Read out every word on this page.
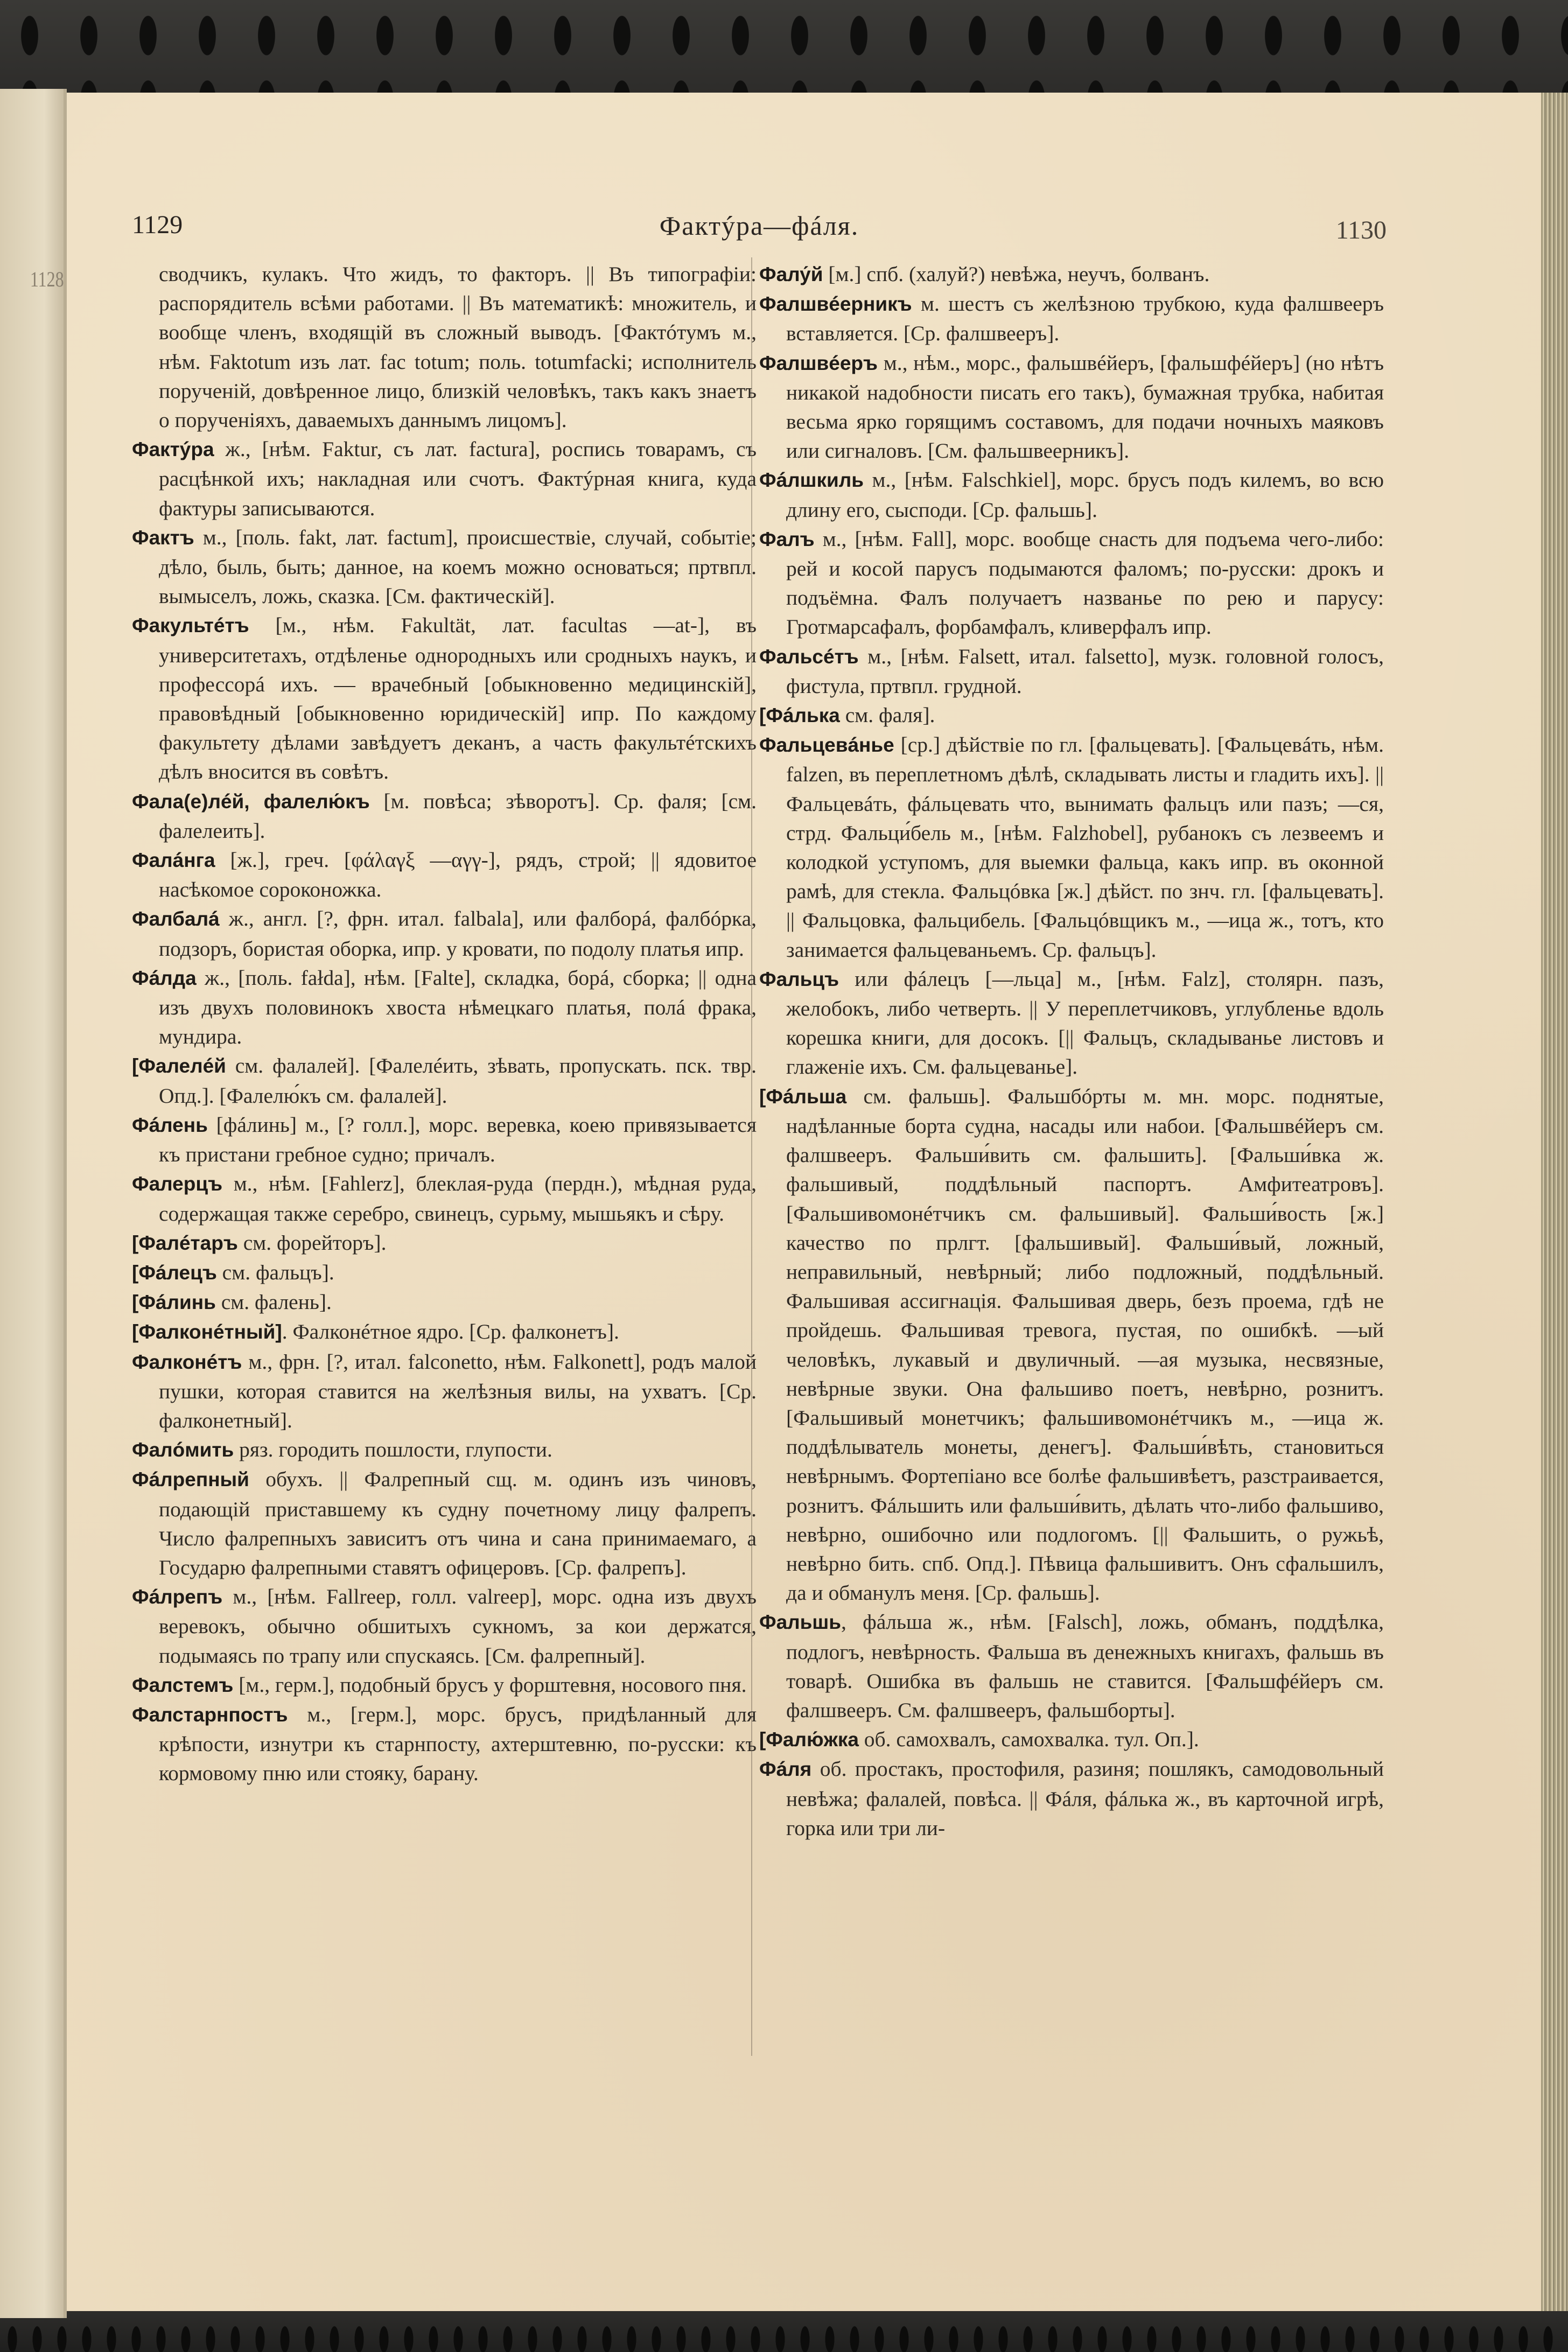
1128
1129	Фактýра—фáля.	1130

сводчикъ, кулакъ. Что жидъ, то факторъ. || Въ типографіи: распорядитель всѣми работами. || Въ математикѣ: множитель, и вообще членъ, входящій въ сложный выводъ. [Фактóтумъ м., нѣм. Faktotum изъ лат. fac totum; поль. totumfacki; исполнитель порученій, довѣренное лицо, близкій человѣкъ, такъ какъ знаетъ о порученіяхъ, даваемыхъ даннымъ лицомъ].

Фактýра ж., [нѣм. Faktur, съ лат. factura], роспись товарамъ, съ расцѣнкой ихъ; накладная или счотъ. Фактýрная книга, куда фактуры записываются.

Фактъ м., [поль. fakt, лат. factum], происшествіе, случай, событіе; дѣло, быль, быть; данное, на коемъ можно основаться; пртвпл. вымыселъ, ложь, сказка. [См. фактическій].

Факультéтъ [м., нѣм. Fakultät, лат. facultas —at-], въ университетахъ, отдѣленье однородныхъ или сродныхъ наукъ, и профессорá ихъ. — врачебный [обыкновенно медицинскій], правовѣдный [обыкновенно юридическій] ипр. По каждому факультету дѣлами завѣдуетъ деканъ, а часть факультéтскихъ дѣлъ вносится въ совѣтъ.

Фала(е)лéй, фалелю́къ [м. повѣса; зѣворотъ]. Ср. фаля; [см. фалелеить].

Фалáнга [ж.], греч. [φάλαγξ —αγγ-], рядъ, строй; || ядовитое насѣкомое сороконожка.

Фалбалá ж., англ. [?, фрн. итал. falbala], или фалборá, фалбóрка, подзоръ, бористая оборка, ипр. у кровати, по подолу платья ипр.

Фáлда ж., [поль. fałda], нѣм. [Falte], складка, борá, сборка; || одна изъ двухъ половинокъ хвоста нѣмецкаго платья, полá фрака, мундира.

[Фалелéй см. фалалей]. [Фалелéить, зѣвать, пропускать. пск. твр. Опд.]. [Фалелю́къ см. фалалей].

Фáлень [фáлинь] м., [? голл.], морс. веревка, коею привязывается къ пристани гребное судно; причалъ.

Фалерцъ м., нѣм. [Fahlerz], блеклая-руда (пердн.), мѣдная руда, содержащая также серебро, свинецъ, сурьму, мышьякъ и сѣру.

[Фалéтаръ см. форейторъ].

[Фáлецъ см. фальцъ].

[Фáлинь см. фалень].

[Фалконéтный]. Фалконéтное ядро. [Ср. фалконетъ].

Фалконéтъ м., фрн. [?, итал. falconetto, нѣм. Falkonett], родъ малой пушки, которая ставится на желѣзныя вилы, на ухватъ. [Ср. фалконетный].

Фалóмить ряз. городить пошлости, глупости.

Фáлрепный обухъ. || Фалрепный сщ. м. одинъ изъ чиновъ, подающій приставшему къ судну почетному лицу фалрепъ. Число фалрепныхъ зависитъ отъ чина и сана принимаемаго, а Государю фалрепными ставятъ офицеровъ. [Ср. фалрепъ].

Фáлрепъ м., [нѣм. Fallreep, голл. valreep], морс. одна изъ двухъ веревокъ, обычно обшитыхъ сукномъ, за кои держатся, подымаясь по трапу или спускаясь. [См. фалрепный].

Фалстемъ [м., герм.], подобный брусъ у форштевня, носового пня.

Фалстарнпостъ м., [герм.], морс. брусъ, придѣланный для крѣпости, изнутри къ старнпосту, ахтерштевню, по-русски: къ кормовому пню или стояку, барану.

Фалу́й [м.] спб. (халуй?) невѣжа, неучъ, болванъ.

Фалшвéерникъ м. шестъ съ желѣзною трубкою, куда фалшвееръ вставляется. [Ср. фалшвееръ].

Фалшвéеръ м., нѣм., морс., фальшвéйеръ, [фальшфéйеръ] (но нѣтъ никакой надобности писать его такъ), бумажная трубка, набитая весьма ярко горящимъ составомъ, для подачи ночныхъ маяковъ или сигналовъ. [См. фальшвеерникъ].

Фáлшкиль м., [нѣм. Falschkiel], морс. брусъ подъ килемъ, во всю длину его, сысподи. [Ср. фальшь].

Фалъ м., [нѣм. Fall], морс. вообще снасть для подъема чего-либо: рей и косой парусъ подымаются фаломъ; по-русски: дрокъ и подъёмна. Фалъ получаетъ названье по рею и парусу: Гротмарсафалъ, форбамфалъ, кливерфалъ ипр.

Фальсéтъ м., [нѣм. Falsett, итал. falsetto], музк. головной голосъ, фистула, пртвпл. грудной.

[Фáлька см. фаля].

Фальцевáнье [ср.] дѣйствіе по гл. [фальцевать]. [Фальцевáть, нѣм. falzen, въ переплетномъ дѣлѣ, складывать листы и гладить ихъ]. || Фальцевáть, фáльцевать что, вынимать фальцъ или пазъ; —ся, стрд. Фальци́бель м., [нѣм. Falzhobel], рубанокъ съ лезвеемъ и колодкой уступомъ, для выемки фальца, какъ ипр. въ оконной рамѣ, для стекла. Фальцóвка [ж.] дѣйст. по знч. гл. [фальцевать]. || Фальцовка, фальцибель. [Фальцóвщикъ м., —ица ж., тотъ, кто занимается фальцеваньемъ. Ср. фальцъ].

Фальцъ или фáлецъ [—льца] м., [нѣм. Falz], столярн. пазъ, желобокъ, либо четверть. || У переплетчиковъ, углубленье вдоль корешка книги, для досокъ. [|| Фальцъ, складыванье листовъ и глаженіе ихъ. См. фальцеванье].

[Фáльша см. фальшь]. Фальшбóрты м. мн. морс. поднятые, надѣланные борта судна, насады или набои. [Фальшвéйеръ см. фалшвееръ. Фальши́вить см. фальшить]. [Фальши́вка ж. фальшивый, поддѣльный паспортъ. Амфитеатровъ]. [Фальшивомонéтчикъ см. фальшивый]. Фальши́вость [ж.] качество по прлгт. [фальшивый]. Фальши́вый, ложный, неправильный, невѣрный; либо подложный, поддѣльный. Фальшивая ассигнація. Фальшивая дверь, безъ проема, гдѣ не пройдешь. Фальшивая тревога, пустая, по ошибкѣ. —ый человѣкъ, лукавый и двуличный. —ая музыка, несвязные, невѣрные звуки. Она фальшиво поетъ, невѣрно, рознитъ. [Фальшивый монетчикъ; фальшивомонéтчикъ м., —ица ж. поддѣлыватель монеты, денегъ]. Фальши́вѣть, становиться невѣрнымъ. Фортепіано все болѣе фальшивѣетъ, разстраивается, рознитъ. Фáльшить или фальши́вить, дѣлать что-либо фальшиво, невѣрно, ошибочно или подлогомъ. [|| Фальшить, о ружьѣ, невѣрно бить. спб. Опд.]. Пѣвица фальшивитъ. Онъ сфальшилъ, да и обманулъ меня. [Ср. фальшь].

Фальшь, фáльша ж., нѣм. [Falsch], ложь, обманъ, поддѣлка, подлогъ, невѣрность. Фальша въ денежныхъ книгахъ, фальшь въ товарѣ. Ошибка въ фальшь не ставится. [Фальшфéйеръ см. фалшвееръ. См. фалшвееръ, фальшборты].

[Фалю́жка об. самохвалъ, самохвалка. тул. Оп.].

Фáля об. простакъ, простофиля, разиня; пошлякъ, самодовольный невѣжа; фалалей, повѣса. || Фáля, фáлька ж., въ карточной игрѣ, горка или три ли-
